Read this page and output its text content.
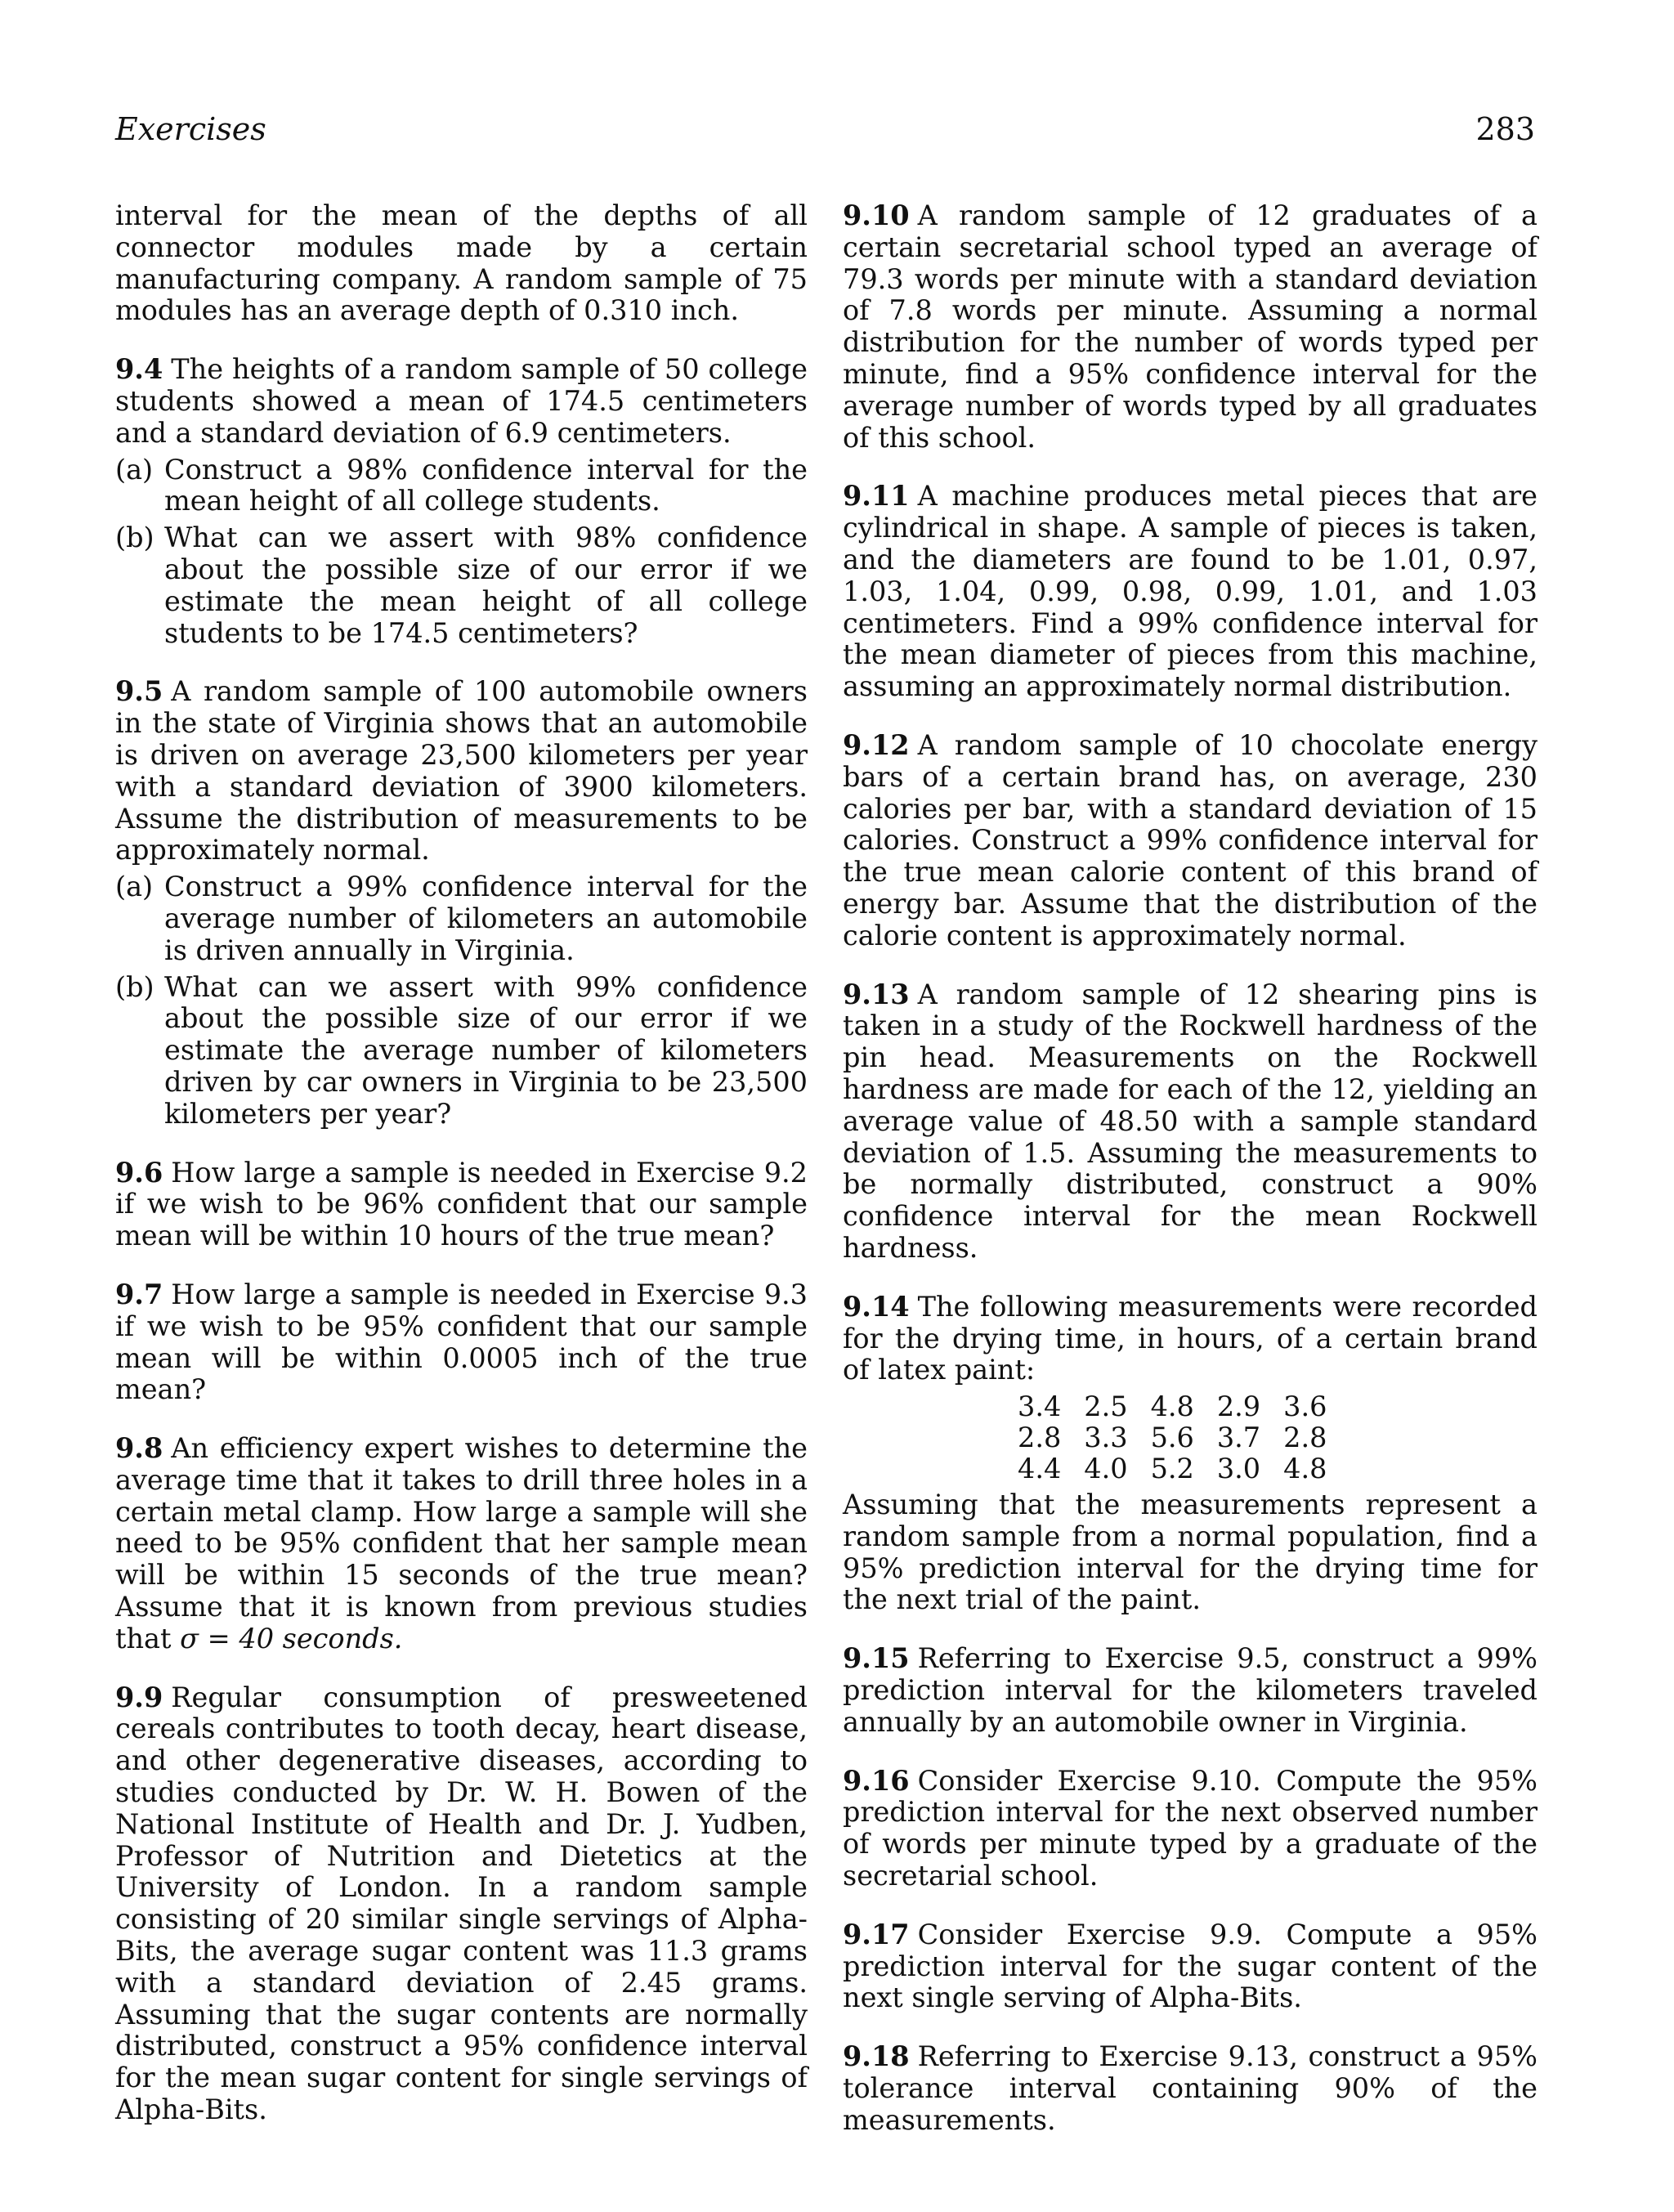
Exercises	283

interval for the mean of the depths of all connector modules made by a certain manufacturing company. A random sample of 75 modules has an average depth of 0.310 inch.

9.4 The heights of a random sample of 50 college students showed a mean of 174.5 centimeters and a standard deviation of 6.9 centimeters.

(a) Construct a 98% confidence interval for the mean height of all college students.
(b) What can we assert with 98% confidence about the possible size of our error if we estimate the mean height of all college students to be 174.5 centimeters?

9.5 A random sample of 100 automobile owners in the state of Virginia shows that an automobile is driven on average 23,500 kilometers per year with a standard deviation of 3900 kilometers. Assume the distribution of measurements to be approximately normal.

(a) Construct a 99% confidence interval for the average number of kilometers an automobile is driven annually in Virginia.
(b) What can we assert with 99% confidence about the possible size of our error if we estimate the average number of kilometers driven by car owners in Virginia to be 23,500 kilometers per year?

9.6 How large a sample is needed in Exercise 9.2 if we wish to be 96% confident that our sample mean will be within 10 hours of the true mean?

9.7 How large a sample is needed in Exercise 9.3 if we wish to be 95% confident that our sample mean will be within 0.0005 inch of the true mean?

9.8 An efficiency expert wishes to determine the average time that it takes to drill three holes in a certain metal clamp. How large a sample will she need to be 95% confident that her sample mean will be within 15 seconds of the true mean? Assume that it is known from previous studies that σ = 40 seconds.

9.9 Regular consumption of presweetened cereals contributes to tooth decay, heart disease, and other degenerative diseases, according to studies conducted by Dr. W. H. Bowen of the National Institute of Health and Dr. J. Yudben, Professor of Nutrition and Dietetics at the University of London. In a random sample consisting of 20 similar single servings of Alpha-Bits, the average sugar content was 11.3 grams with a standard deviation of 2.45 grams. Assuming that the sugar contents are normally distributed, construct a 95% confidence interval for the mean sugar content for single servings of Alpha-Bits.

9.10 A random sample of 12 graduates of a certain secretarial school typed an average of 79.3 words per minute with a standard deviation of 7.8 words per minute. Assuming a normal distribution for the number of words typed per minute, find a 95% confidence interval for the average number of words typed by all graduates of this school.

9.11 A machine produces metal pieces that are cylindrical in shape. A sample of pieces is taken, and the diameters are found to be 1.01, 0.97, 1.03, 1.04, 0.99, 0.98, 0.99, 1.01, and 1.03 centimeters. Find a 99% confidence interval for the mean diameter of pieces from this machine, assuming an approximately normal distribution.

9.12 A random sample of 10 chocolate energy bars of a certain brand has, on average, 230 calories per bar, with a standard deviation of 15 calories. Construct a 99% confidence interval for the true mean calorie content of this brand of energy bar. Assume that the distribution of the calorie content is approximately normal.

9.13 A random sample of 12 shearing pins is taken in a study of the Rockwell hardness of the pin head. Measurements on the Rockwell hardness are made for each of the 12, yielding an average value of 48.50 with a sample standard deviation of 1.5. Assuming the measurements to be normally distributed, construct a 90% confidence interval for the mean Rockwell hardness.

9.14 The following measurements were recorded for the drying time, in hours, of a certain brand of latex paint:

3.4	2.5	4.8	2.9	3.6
2.8	3.3	5.6	3.7	2.8
4.4	4.0	5.2	3.0	4.8

Assuming that the measurements represent a random sample from a normal population, find a 95% prediction interval for the drying time for the next trial of the paint.

9.15 Referring to Exercise 9.5, construct a 99% prediction interval for the kilometers traveled annually by an automobile owner in Virginia.

9.16 Consider Exercise 9.10. Compute the 95% prediction interval for the next observed number of words per minute typed by a graduate of the secretarial school.

9.17 Consider Exercise 9.9. Compute a 95% prediction interval for the sugar content of the next single serving of Alpha-Bits.

9.18 Referring to Exercise 9.13, construct a 95% tolerance interval containing 90% of the measurements.
